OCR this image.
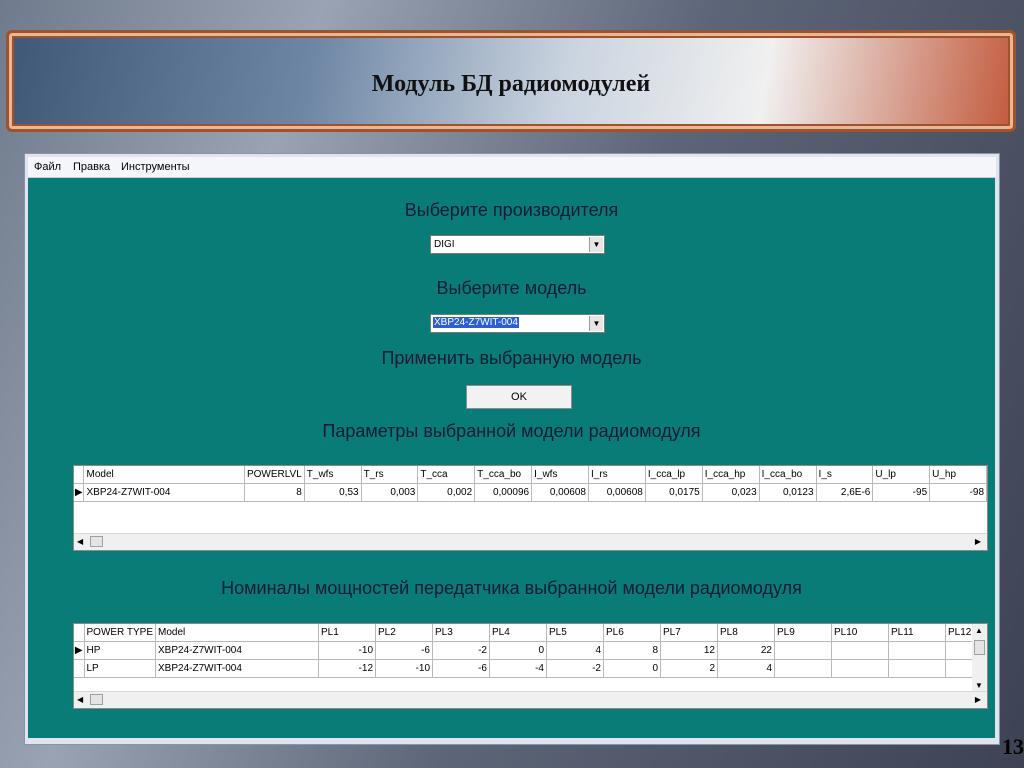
Модуль БД радиомодулей
Файл Правка Инструменты
Выберите производителя
DIGI	▼
Выберите модель
XBP24-Z7WIT-004	▼
Применить выбранную модель
OK
Параметры выбранной модели радиомодуля
	Model	POWERLVL	T_wfs	T_rs	T_cca	T_cca_bo	I_wfs	I_rs	I_cca_lp	I_cca_hp	I_cca_bo	I_s	U_lp	U_hp
▶	XBP24-Z7WIT-004	8	0,53	0,003	0,002	0,00096	0,00608	0,00608	0,0175	0,023	0,0123	2,6E-6	-95	-98
◀	▶
Номиналы мощностей передатчика выбранной модели радиомодуля
	POWER TYPE	Model	PL1	PL2	PL3	PL4	PL5	PL6	PL7	PL8	PL9	PL10	PL11	PL12
▶	HP	XBP24-Z7WIT-004	-10	-6	-2	0	4	8	12	22				
	LP	XBP24-Z7WIT-004	-12	-10	-6	-4	-2	0	2	4				
▲
▼
◀	▶
13
